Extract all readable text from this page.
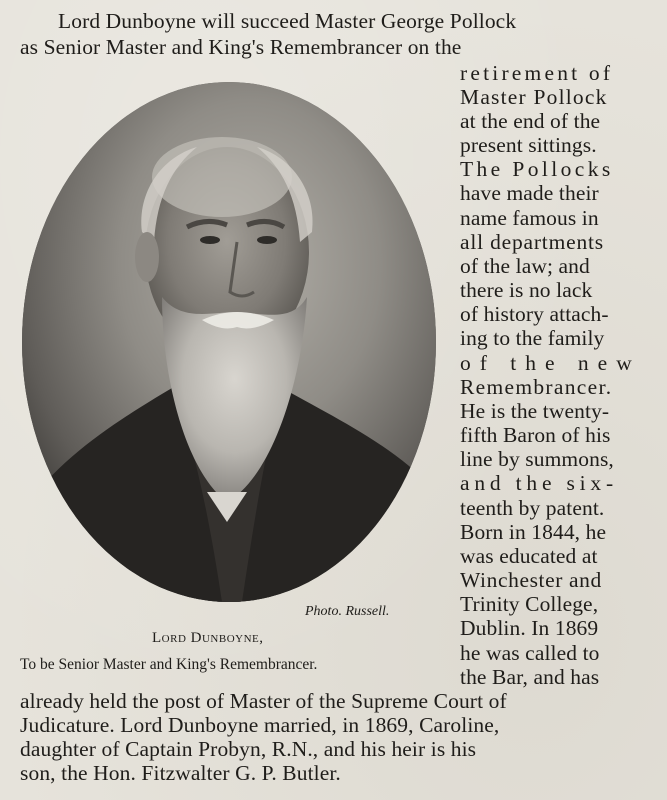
Lord Dunboyne will succeed Master George Pollock
as Senior Master and King's Remembrancer on the
retirement of
Master Pollock
at the end of the
present sittings.
The Pollocks
have made their
name famous in
all departments
of the law; and
there is no lack
of history attach-
ing to the family
of the new
Remembrancer.
He is the twenty-
fifth Baron of his
line by summons,
and the six-
teenth by patent.
Born in 1844, he
was educated at
Winchester and
Trinity College,
Dublin. In 1869
he was called to
the Bar, and has
already held the post of Master of the Supreme Court of
Judicature. Lord Dunboyne married, in 1869, Caroline,
daughter of Captain Probyn, R.N., and his heir is his
son, the Hon. Fitzwalter G. P. Butler.
Photo. Russell.
Lord Dunboyne,
To be Senior Master and King's Remembrancer.
